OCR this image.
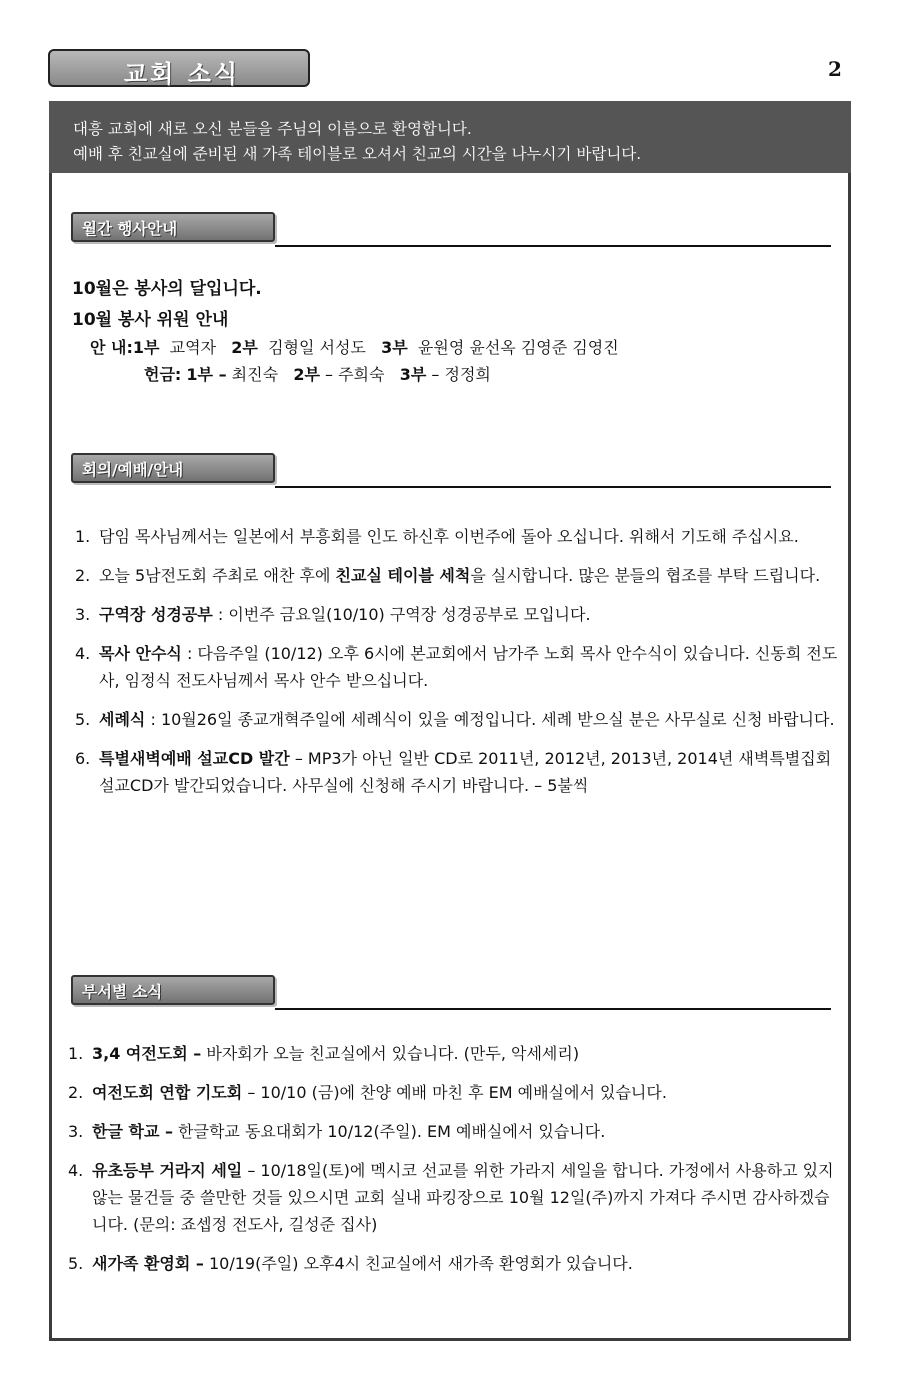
교회 소식	2
대흥 교회에 새로 오신 분들을 주님의 이름으로 환영합니다.
예배 후 친교실에 준비된 새 가족 테이블로 오셔서 친교의 시간을 나누시기 바랍니다.
월간 행사안내
10월은 봉사의 달입니다.
10월 봉사 위원 안내
안 내:1부 교역자 2부 김형일 서성도 3부 윤원영 윤선옥 김영준 김영진
헌금: 1부 – 최진숙 2부 – 주희숙 3부 – 정정희
회의/예배/안내
1. 담임 목사님께서는 일본에서 부흥회를 인도 하신후 이번주에 돌아 오십니다. 위해서 기도해 주십시요.
2. 오늘 5남전도회 주최로 애찬 후에 친교실 테이블 세척을 실시합니다. 많은 분들의 협조를 부탁 드립니다.
3. 구역장 성경공부 : 이번주 금요일(10/10) 구역장 성경공부로 모입니다.
4. 목사 안수식 : 다음주일 (10/12) 오후 6시에 본교회에서 남가주 노회 목사 안수식이 있습니다. 신동희 전도사, 임정식 전도사님께서 목사 안수 받으십니다.
5. 세례식 : 10월26일 종교개혁주일에 세례식이 있을 예정입니다. 세례 받으실 분은 사무실로 신청 바랍니다.
6. 특별새벽예배 설교CD 발간 – MP3가 아닌 일반 CD로 2011년, 2012년, 2013년, 2014년 새벽특별집회 설교CD가 발간되었습니다. 사무실에 신청해 주시기 바랍니다. – 5불씩
부서별 소식
1. 3,4 여전도회 – 바자회가 오늘 친교실에서 있습니다. (만두, 악세세리)
2. 여전도회 연합 기도회 – 10/10 (금)에 찬양 예배 마친 후 EM 예배실에서 있습니다.
3. 한글 학교 – 한글학교 동요대회가 10/12(주일). EM 예배실에서 있습니다.
4. 유초등부 거라지 세일 – 10/18일(토)에 멕시코 선교를 위한 가라지 세일을 합니다. 가정에서 사용하고 있지 않는 물건들 중 쓸만한 것들 있으시면 교회 실내 파킹장으로 10월 12일(주)까지 가져다 주시면 감사하겠습니다. (문의: 죠셉정 전도사, 길성준 집사)
5. 새가족 환영회 – 10/19(주일) 오후4시 친교실에서 새가족 환영회가 있습니다.
